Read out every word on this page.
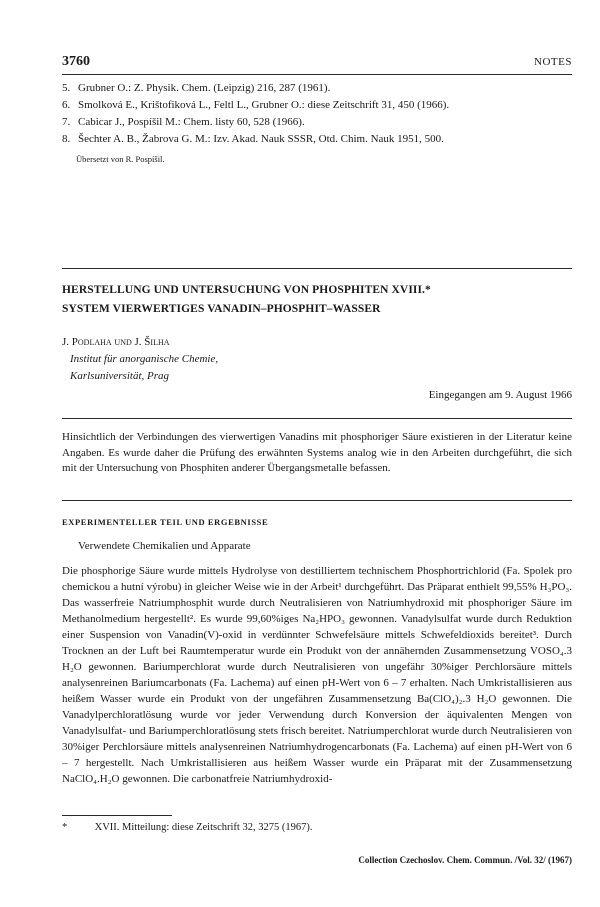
3760	NOTES
5. Grubner O.: Z. Physik. Chem. (Leipzig) 216, 287 (1961).
6. Smolková E., Krištofiková L., Feltl L., Grubner O.: diese Zeitschrift 31, 450 (1966).
7. Cabicar J., Pospíšil M.: Chem. listy 60, 528 (1966).
8. Šechter A. B., Žabrova G. M.: Izv. Akad. Nauk SSSR, Otd. Chim. Nauk 1951, 500.
Übersetzt von R. Pospíšil.
HERSTELLUNG UND UNTERSUCHUNG VON PHOSPHITEN XVIII.*
SYSTEM VIERWERTIGES VANADIN–PHOSPHIT–WASSER
J. Podlaha und J. Šilha
Institut für anorganische Chemie,
Karlsuniversität, Prag
Eingegangen am 9. August 1966
Hinsichtlich der Verbindungen des vierwertigen Vanadins mit phosphoriger Säure existieren in der Literatur keine Angaben. Es wurde daher die Prüfung des erwähnten Systems analog wie in den Arbeiten durchgeführt, die sich mit der Untersuchung von Phosphiten anderer Übergangsmetalle befassen.
EXPERIMENTELLER TEIL UND ERGEBNISSE
Verwendete Chemikalien und Apparate

Die phosphorige Säure wurde mittels Hydrolyse von destilliertem technischem Phosphortrichlorid (Fa. Spolek pro chemickou a hutní výrobu) in gleicher Weise wie in der Arbeit¹ durchgeführt. Das Präparat enthielt 99,55% H₃PO₃. Das wasserfreie Natriumphosphit wurde durch Neutralisieren von Natriumhydroxid mit phosphoriger Säure im Methanolmedium hergestellt². Es wurde 99,60%iges Na₂HPO₃ gewonnen. Vanadylsulfat wurde durch Reduktion einer Suspension von Vanadin(V)-oxid in verdünnter Schwefelsäure mittels Schwefeldioxids bereitet³. Durch Trocknen an der Luft bei Raumtemperatur wurde ein Produkt von der annähernden Zusammensetzung VOSO₄.3 H₂O gewonnen. Bariumperchlorat wurde durch Neutralisieren von ungefähr 30%iger Perchlorsäure mittels analysenreinen Bariumcarbonats (Fa. Lachema) auf einen pH-Wert von 6 – 7 erhalten. Nach Umkristallisieren aus heißem Wasser wurde ein Produkt von der ungefähren Zusammensetzung Ba(ClO₄)₂.3 H₂O gewonnen. Die Vanadylperchloratlösung wurde vor jeder Verwendung durch Konversion der äquivalenten Mengen von Vanadylsulfat- und Bariumperchloratlösung stets frisch bereitet. Natriumperchlorat wurde durch Neutralisieren von 30%iger Perchlorsäure mittels analysenreinen Natriumhydrogencarbonats (Fa. Lachema) auf einen pH-Wert von 6 – 7 hergestellt. Nach Umkristallisieren aus heißem Wasser wurde ein Präparat mit der Zusammensetzung NaClO₄.H₂O gewonnen. Die carbonatfreie Natriumhydroxid-

*	XVII. Mitteilung: diese Zeitschrift 32, 3275 (1967).
Collection Czechoslov. Chem. Commun. /Vol. 32/ (1967)
